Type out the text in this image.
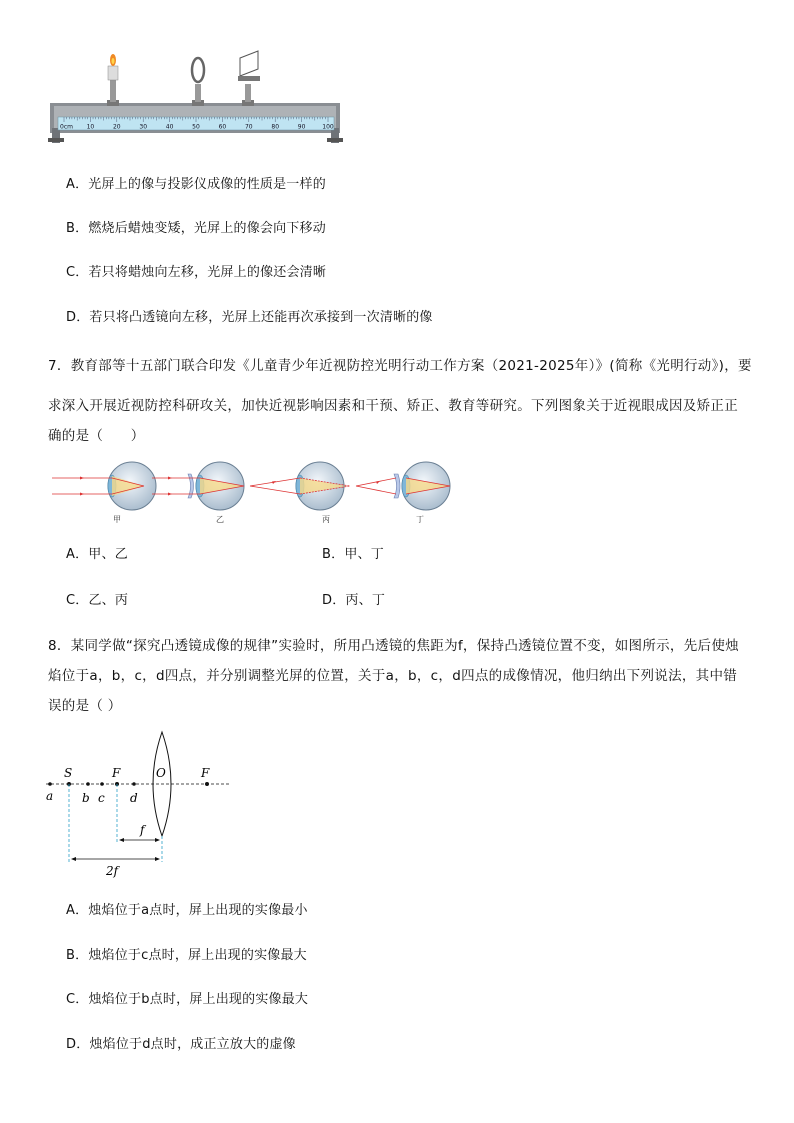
0cm 10	20	30	40	50	60	70	80	90	100
A．光屏上的像与投影仪成像的性质是一样的
B．燃烧后蜡烛变矮，光屏上的像会向下移动
C．若只将蜡烛向左移，光屏上的像还会清晰
D．若只将凸透镜向左移，光屏上还能再次承接到一次清晰的像
7．教育部等十五部门联合印发《儿童青少年近视防控光明行动工作方案（2021-2025年）》(简称《光明行动》)，要
求深入开展近视防控科研攻关，加快近视影响因素和干预、矫正、教育等研究。下列图象关于近视眼成因及矫正正
确的是（　　）
甲	乙	丙	丁
A．甲、乙	B．甲、丁
C．乙、丙	D．丙、丁
8．某同学做“探究凸透镜成像的规律”实验时，所用凸透镜的焦距为f，保持凸透镜位置不变，如图所示，先后使烛
焰位于a，b，c，d四点，并分别调整光屏的位置，关于a，b，c，d四点的成像情况，他归纳出下列说法，其中错
误的是（ ）
S	F	O	F
a b c d
f
2f
A．烛焰位于a点时，屏上出现的实像最小
B．烛焰位于c点时，屏上出现的实像最大
C．烛焰位于b点时，屏上出现的实像最大
D．烛焰位于d点时，成正立放大的虚像
